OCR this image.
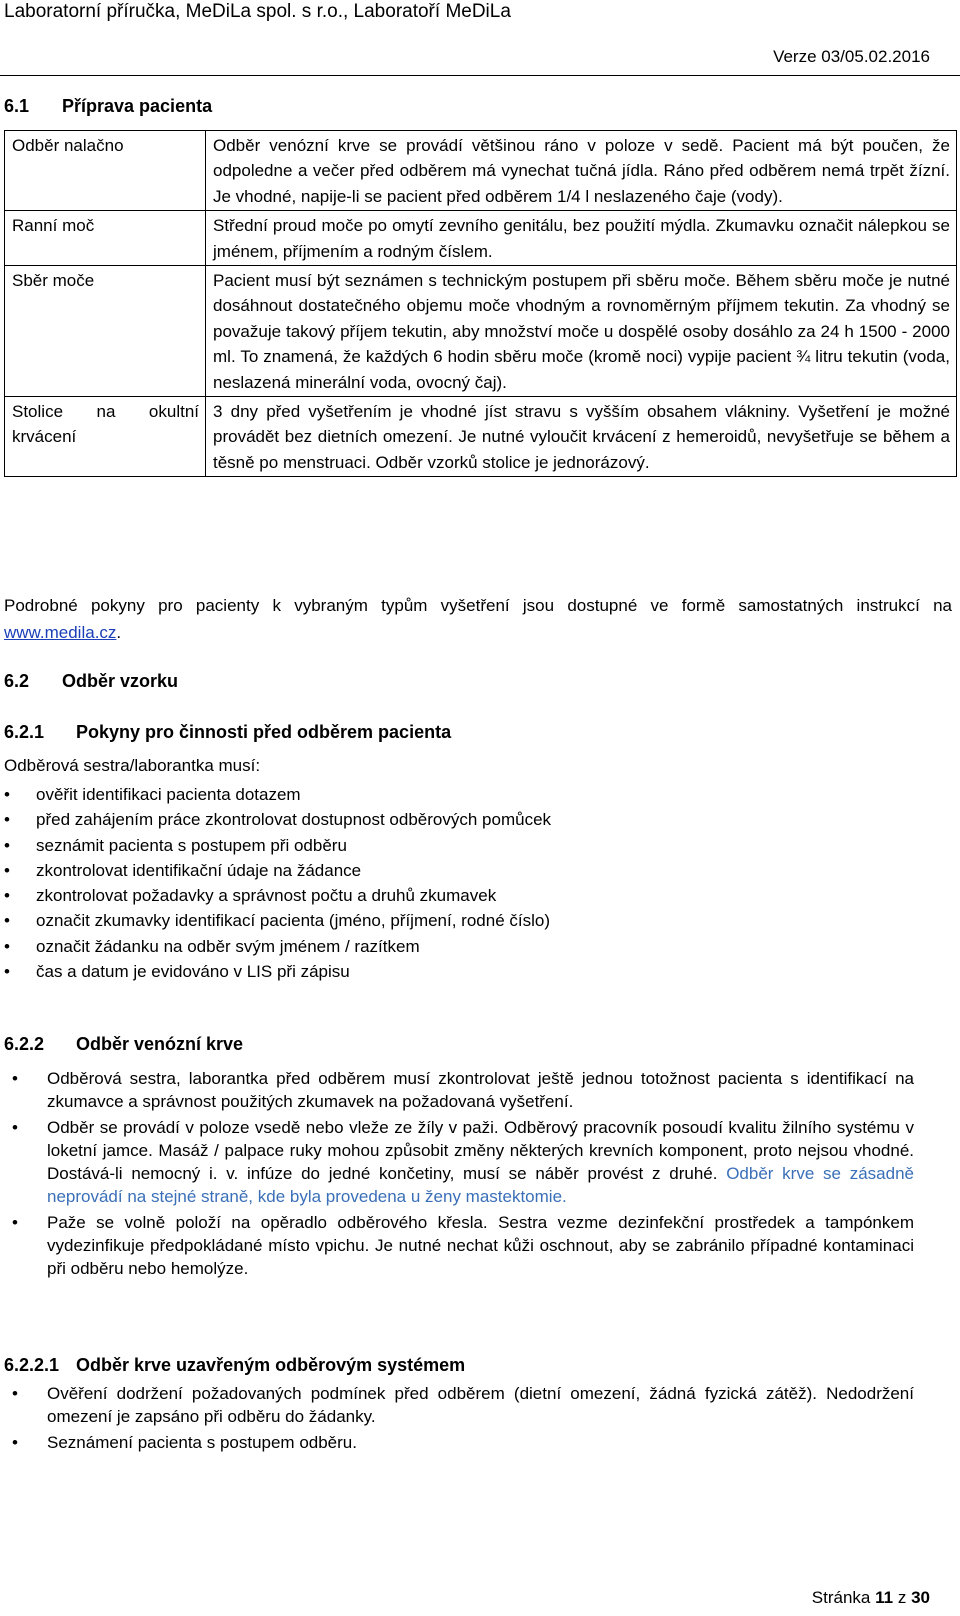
Laboratorní příručka, MeDiLa spol. s r.o., Laboratoří MeDiLa
Verze 03/05.02.2016
6.1 Příprava pacienta
Odběr nalačno	Odběr venózní krve se provádí většinou ráno v poloze v sedě. Pacient má být poučen, že odpoledne a večer před odběrem má vynechat tučná jídla. Ráno před odběrem nemá trpět žízní. Je vhodné, napije-li se pacient před odběrem 1/4 l neslazeného čaje (vody).

Ranní moč	Střední proud moče po omytí zevního genitálu, bez použití mýdla. Zkumavku označit nálepkou se jménem, příjmením a rodným číslem.

Sběr moče	Pacient musí být seznámen s technickým postupem při sběru moče. Během sběru moče je nutné dosáhnout dostatečného objemu moče vhodným a rovnoměrným příjmem tekutin. Za vhodný se považuje takový příjem tekutin, aby množství moče u dospělé osoby dosáhlo za 24 h 1500 - 2000 ml. To znamená, že každých 6 hodin sběru moče (kromě noci) vypije pacient ¾ litru tekutin (voda, neslazená minerální voda, ovocný čaj).

Stolice na okultní krvácení	3 dny před vyšetřením je vhodné jíst stravu s vyšším obsahem vlákniny. Vyšetření je možné provádět bez dietních omezení. Je nutné vyloučit krvácení z hemeroidů, nevyšetřuje se během a těsně po menstruaci. Odběr vzorků stolice je jednorázový.
Podrobné pokyny pro pacienty k vybraným typům vyšetření jsou dostupné ve formě samostatných instrukcí na www.medila.cz.
6.2 Odběr vzorku
6.2.1 Pokyny pro činnosti před odběrem pacienta
Odběrová sestra/laborantka musí:
• ověřit identifikaci pacienta dotazem
• před zahájením práce zkontrolovat dostupnost odběrových pomůcek
• seznámit pacienta s postupem při odběru
• zkontrolovat identifikační údaje na žádance
• zkontrolovat požadavky a správnost počtu a druhů zkumavek
• označit zkumavky identifikací pacienta (jméno, příjmení, rodné číslo)
• označit žádanku na odběr svým jménem / razítkem
• čas a datum je evidováno v LIS při zápisu
6.2.2 Odběr venózní krve
• Odběrová sestra, laborantka před odběrem musí zkontrolovat ještě jednou totožnost pacienta s identifikací na zkumavce a správnost použitých zkumavek na požadovaná vyšetření.
• Odběr se provádí v poloze vsedě nebo vleže ze žíly v paži. Odběrový pracovník posoudí kvalitu žilního systému v loketní jamce. Masáž / palpace ruky mohou způsobit změny některých krevních komponent, proto nejsou vhodné. Dostává-li nemocný i. v. infúze do jedné končetiny, musí se náběr provést z druhé. Odběr krve se zásadně neprovádí na stejné straně, kde byla provedena u ženy mastektomie.
• Paže se volně položí na opěradlo odběrového křesla. Sestra vezme dezinfekční prostředek a tampónkem vydezinfikuje předpokládané místo vpichu. Je nutné nechat kůži oschnout, aby se zabránilo případné kontaminaci při odběru nebo hemolýze.
6.2.2.1 Odběr krve uzavřeným odběrovým systémem
• Ověření dodržení požadovaných podmínek před odběrem (dietní omezení, žádná fyzická zátěž). Nedodržení omezení je zapsáno při odběru do žádanky.
• Seznámení pacienta s postupem odběru.
Stránka 11 z 30
